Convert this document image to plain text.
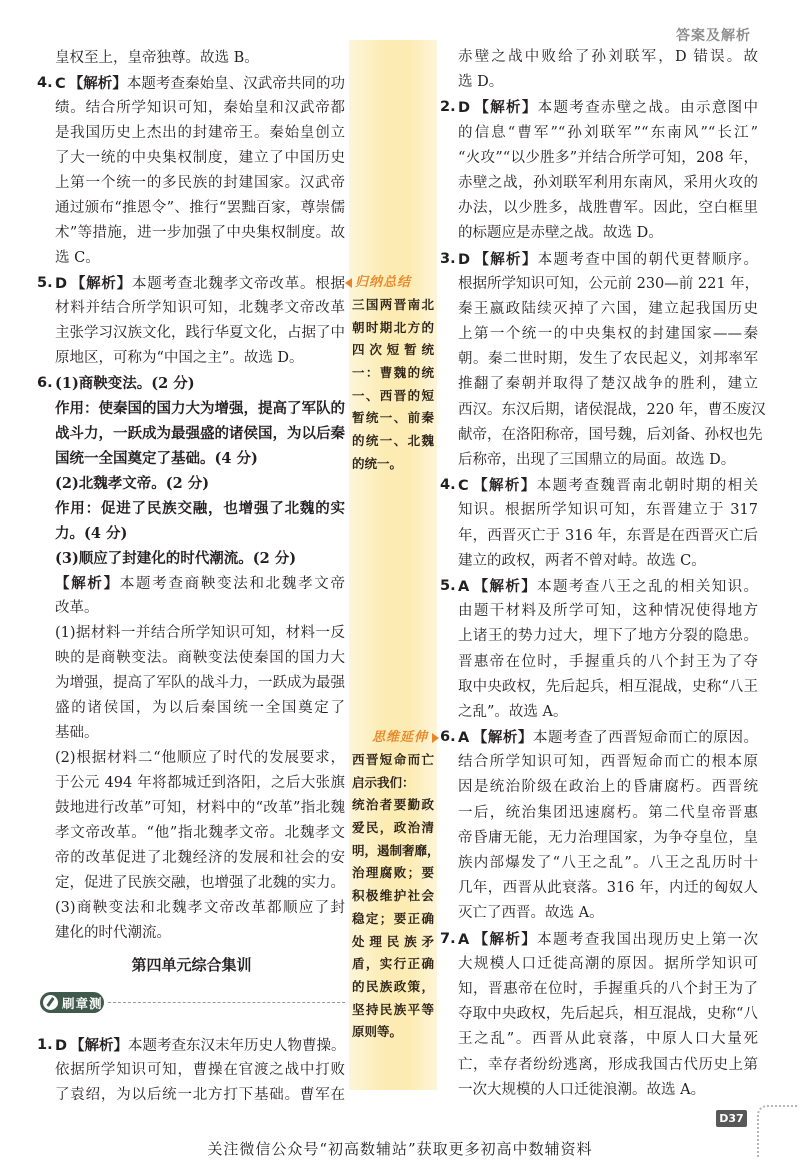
答案及解析
皇权至上，皇帝独尊。故选 B。
4. C 【解析】本题考查秦始皇、汉武帝共同的功
绩。结合所学知识可知，秦始皇和汉武帝都
是我国历史上杰出的封建帝王。秦始皇创立
了大一统的中央集权制度，建立了中国历史
上第一个统一的多民族的封建国家。汉武帝
通过颁布“推恩令”、推行“罢黜百家，尊崇儒
术”等措施，进一步加强了中央集权制度。故
选 C。
5. D 【解析】本题考查北魏孝文帝改革。根据
材料并结合所学知识可知，北魏孝文帝改革
主张学习汉族文化，践行华夏文化，占据了中
原地区，可称为“中国之主”。故选 D。
6. (1)商鞅变法。(2 分)
作用：使秦国的国力大为增强，提高了军队的
战斗力，一跃成为最强盛的诸侯国，为以后秦
国统一全国奠定了基础。(4 分)
(2)北魏孝文帝。(2 分)
作用：促进了民族交融，也增强了北魏的实
力。(4 分)
(3)顺应了封建化的时代潮流。(2 分)
【解析】本题考查商鞅变法和北魏孝文帝
改革。
(1)据材料一并结合所学知识可知，材料一反
映的是商鞅变法。商鞅变法使秦国的国力大
为增强，提高了军队的战斗力，一跃成为最强
盛的诸侯国，为以后秦国统一全国奠定了
基础。
(2)根据材料二“他顺应了时代的发展要求，
于公元 494 年将都城迁到洛阳，之后大张旗
鼓地进行改革”可知，材料中的“改革”指北魏
孝文帝改革。“他”指北魏孝文帝。北魏孝文
帝的改革促进了北魏经济的发展和社会的安
定，促进了民族交融，也增强了北魏的实力。
(3)商鞅变法和北魏孝文帝改革都顺应了封
建化的时代潮流。
第四单元综合集训
刷章测
1. D 【解析】本题考查东汉末年历史人物曹操。
依据所学知识可知，曹操在官渡之战中打败
了袁绍，为以后统一北方打下基础。曹军在
归纳总结
三国两晋南北
朝时期北方的
四次短暂统
一：曹魏的统
一、西晋的短
暂统一、前秦
的统一、北魏
的统一。
思维延伸
西晋短命而亡
启示我们：
统治者要勤政
爱民，政治清
明，遏制奢靡，
治理腐败；要
积极维护社会
稳定；要正确
处理民族矛
盾，实行正确
的民族政策，
坚持民族平等
原则等。
赤壁之战中败给了孙刘联军，D 错误。故
选 D。
2. D 【解析】本题考查赤壁之战。由示意图中
的信息“曹军”“孙刘联军”“东南风”“长江”
“火攻”“以少胜多”并结合所学可知，208 年，
赤壁之战，孙刘联军利用东南风，采用火攻的
办法，以少胜多，战胜曹军。因此，空白框里
的标题应是赤壁之战。故选 D。
3. D 【解析】本题考查中国的朝代更替顺序。
根据所学知识可知，公元前 230—前 221 年，
秦王嬴政陆续灭掉了六国，建立起我国历史
上第一个统一的中央集权的封建国家——秦
朝。秦二世时期，发生了农民起义，刘邦率军
推翻了秦朝并取得了楚汉战争的胜利，建立
西汉。东汉后期，诸侯混战，220 年，曹丕废汉
献帝，在洛阳称帝，国号魏，后刘备、孙权也先
后称帝，出现了三国鼎立的局面。故选 D。
4. C 【解析】本题考查魏晋南北朝时期的相关
知识。根据所学知识可知，东晋建立于 317
年，西晋灭亡于 316 年，东晋是在西晋灭亡后
建立的政权，两者不曾对峙。故选 C。
5. A 【解析】本题考查八王之乱的相关知识。
由题干材料及所学可知，这种情况使得地方
上诸王的势力过大，埋下了地方分裂的隐患。
晋惠帝在位时，手握重兵的八个封王为了夺
取中央政权，先后起兵，相互混战，史称“八王
之乱”。故选 A。
6. A 【解析】本题考查了西晋短命而亡的原因。
结合所学知识可知，西晋短命而亡的根本原
因是统治阶级在政治上的昏庸腐朽。西晋统
一后，统治集团迅速腐朽。第二代皇帝晋惠
帝昏庸无能，无力治理国家，为争夺皇位，皇
族内部爆发了“八王之乱”。八王之乱历时十
几年，西晋从此衰落。316 年，内迁的匈奴人
灭亡了西晋。故选 A。
7. A 【解析】本题考查我国出现历史上第一次
大规模人口迁徙高潮的原因。据所学知识可
知，晋惠帝在位时，手握重兵的八个封王为了
夺取中央政权，先后起兵，相互混战，史称“八
王之乱”。西晋从此衰落，中原人口大量死
亡，幸存者纷纷逃离，形成我国古代历史上第
一次大规模的人口迁徙浪潮。故选 A。
D37
关注微信公众号“初高数辅站”获取更多初高中数辅资料
